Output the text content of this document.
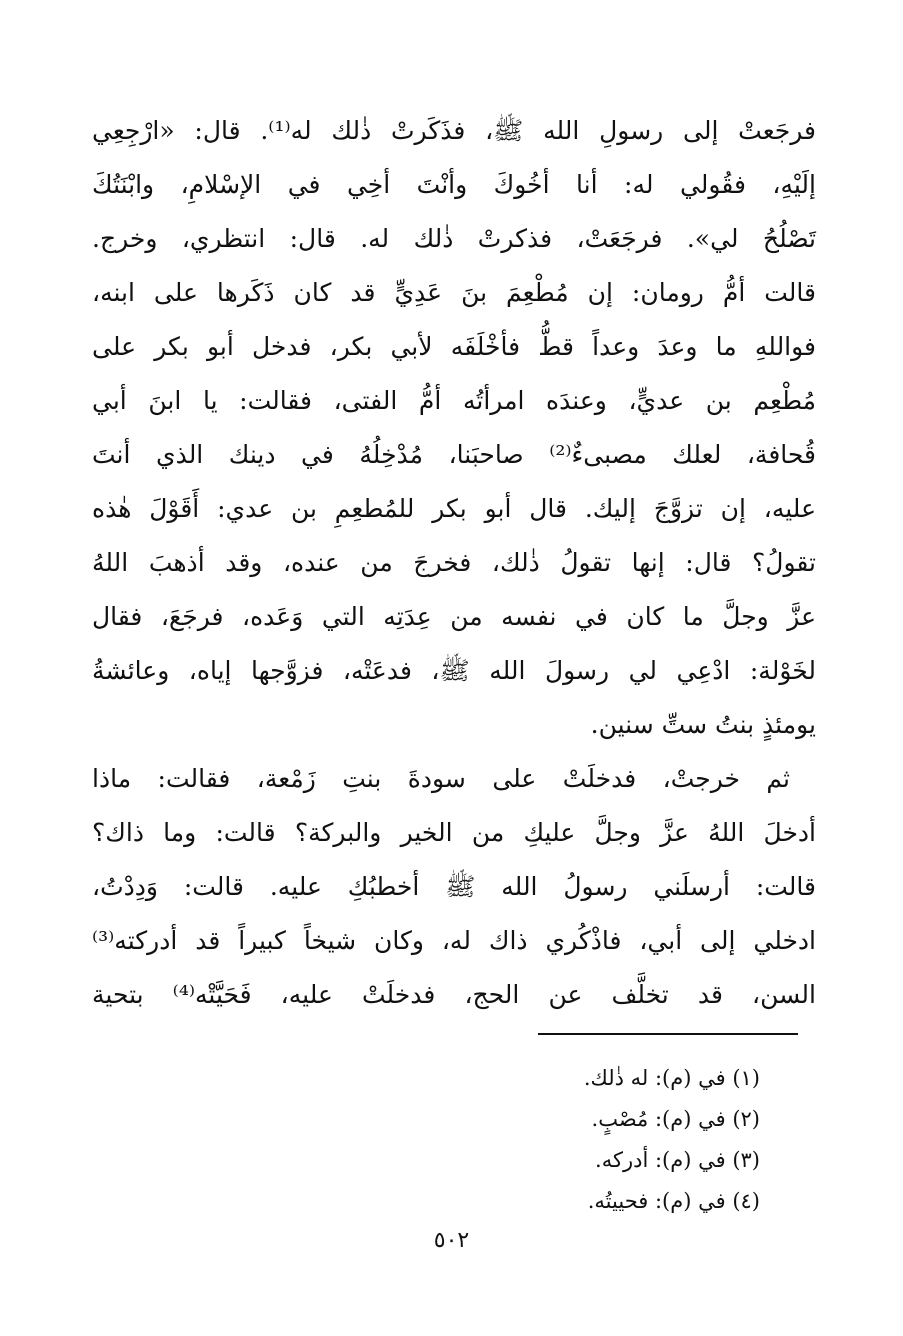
فرجَعتْ إلى رسولِ الله ﷺ، فذَكَرتْ ذٰلك له⁽¹⁾. قال: «ارْجِعِي
إلَيْهِ، فقُولي له: أنا أخُوكَ وأنْتَ أخِي في الإسْلامِ، وابْنَتُكَ
تَصْلُحُ لي». فرجَعَتْ، فذكرتْ ذٰلك له. قال: انتظري، وخرج.
قالت أمُّ رومان: إن مُطْعِمَ بنَ عَدِيٍّ قد كان ذَكَرها على ابنه،
فواللهِ ما وعدَ وعداً قطُّ فأخْلَفَه لأبي بكر، فدخل أبو بكر على
مُطْعِم بن عديٍّ، وعندَه امرأتُه أمُّ الفتى، فقالت: يا ابنَ أبي
قُحافة، لعلك مصبىءٌ⁽²⁾ صاحبَنا، مُدْخِلُهُ في دينك الذي أنتَ
عليه، إن تزوَّجَ إليك. قال أبو بكر للمُطعِمِ بن عدي: أَقَوْلَ هٰذه
تقولُ؟ قال: إنها تقولُ ذٰلك، فخرجَ من عنده، وقد أذهبَ اللهُ
عزَّ وجلَّ ما كان في نفسه من عِدَتِه التي وَعَده، فرجَعَ، فقال
لخَوْلة: ادْعِي لي رسولَ الله ﷺ، فدعَتْه، فزوَّجها إياه، وعائشةُ
يومئذٍ بنتُ ستِّ سنين.
ثم خرجتْ، فدخلَتْ على سودةَ بنتِ زَمْعة، فقالت: ماذا
أدخلَ اللهُ عزَّ وجلَّ عليكِ من الخير والبركة؟ قالت: وما ذاك؟
قالت: أرسلَني رسولُ الله ﷺ أخطبُكِ عليه. قالت: وَدِدْتُ،
ادخلي إلى أبي، فاذْكُري ذاك له، وكان شيخاً كبيراً قد أدركته⁽³⁾
السن، قد تخلَّف عن الحج، فدخلَتْ عليه، فَحَيَّتْه⁽⁴⁾ بتحية
(١) في (م): له ذٰلك.
(٢) في (م): مُصْبٍ.
(٣) في (م): أدركه.
(٤) في (م): فحييتُه.
٥٠٢
